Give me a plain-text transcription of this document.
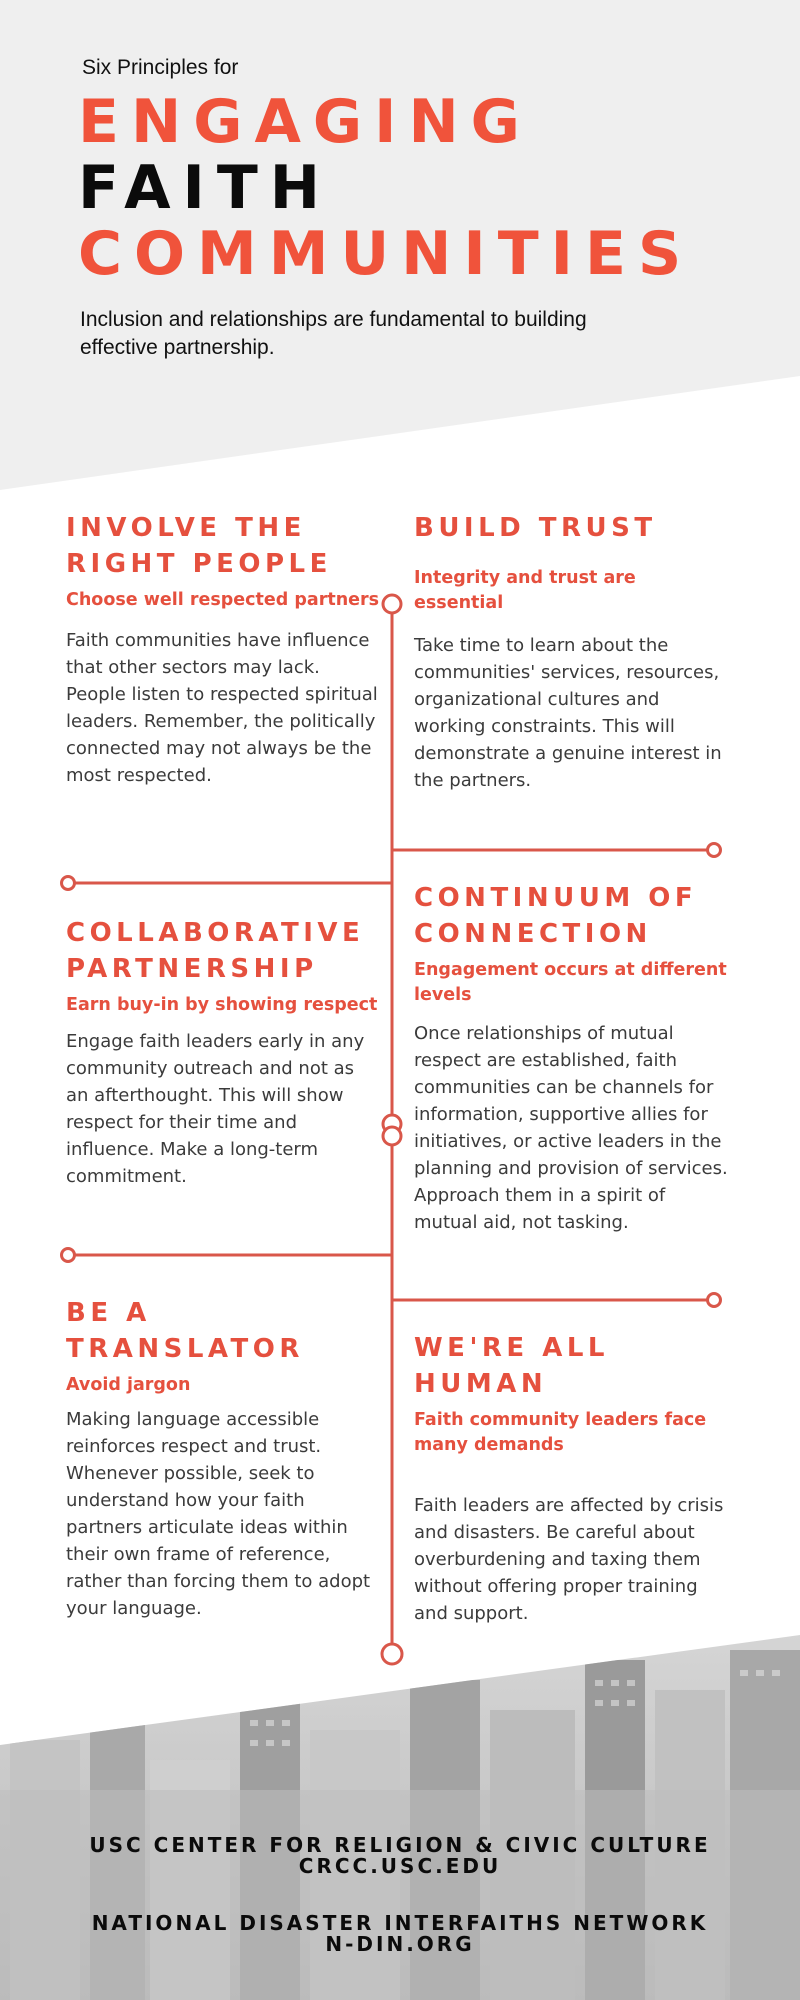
Six Principles for
ENGAGING
FAITH
COMMUNITIES
Inclusion and relationships are fundamental to building effective partnership.
INVOLVE THE RIGHT PEOPLE
Choose well respected partners

Faith communities have influence that other sectors may lack. People listen to respected spiritual leaders. Remember, the politically connected may not always be the most respected.

BUILD TRUST
Integrity and trust are essential

Take time to learn about the communities' services, resources, organizational cultures and working constraints. This will demonstrate a genuine interest in the partners.

COLLABORATIVE PARTNERSHIP
Earn buy-in by showing respect

Engage faith leaders early in any community outreach and not as an afterthought. This will show respect for their time and influence. Make a long-term commitment.

CONTINUUM OF CONNECTION
Engagement occurs at different levels

Once relationships of mutual respect are established, faith communities can be channels for information, supportive allies for initiatives, or active leaders in the planning and provision of services. Approach them in a spirit of mutual aid, not tasking.

BE A TRANSLATOR
Avoid jargon

Making language accessible reinforces respect and trust. Whenever possible, seek to understand how your faith partners articulate ideas within their own frame of reference, rather than forcing them to adopt your language.

WE'RE ALL HUMAN
Faith community leaders face many demands

Faith leaders are affected by crisis and disasters. Be careful about overburdening and taxing them without offering proper training and support.

USC CENTER FOR RELIGION & CIVIC CULTURE
CRCC.USC.EDU
NATIONAL DISASTER INTERFAITHS NETWORK
N-DIN.ORG
